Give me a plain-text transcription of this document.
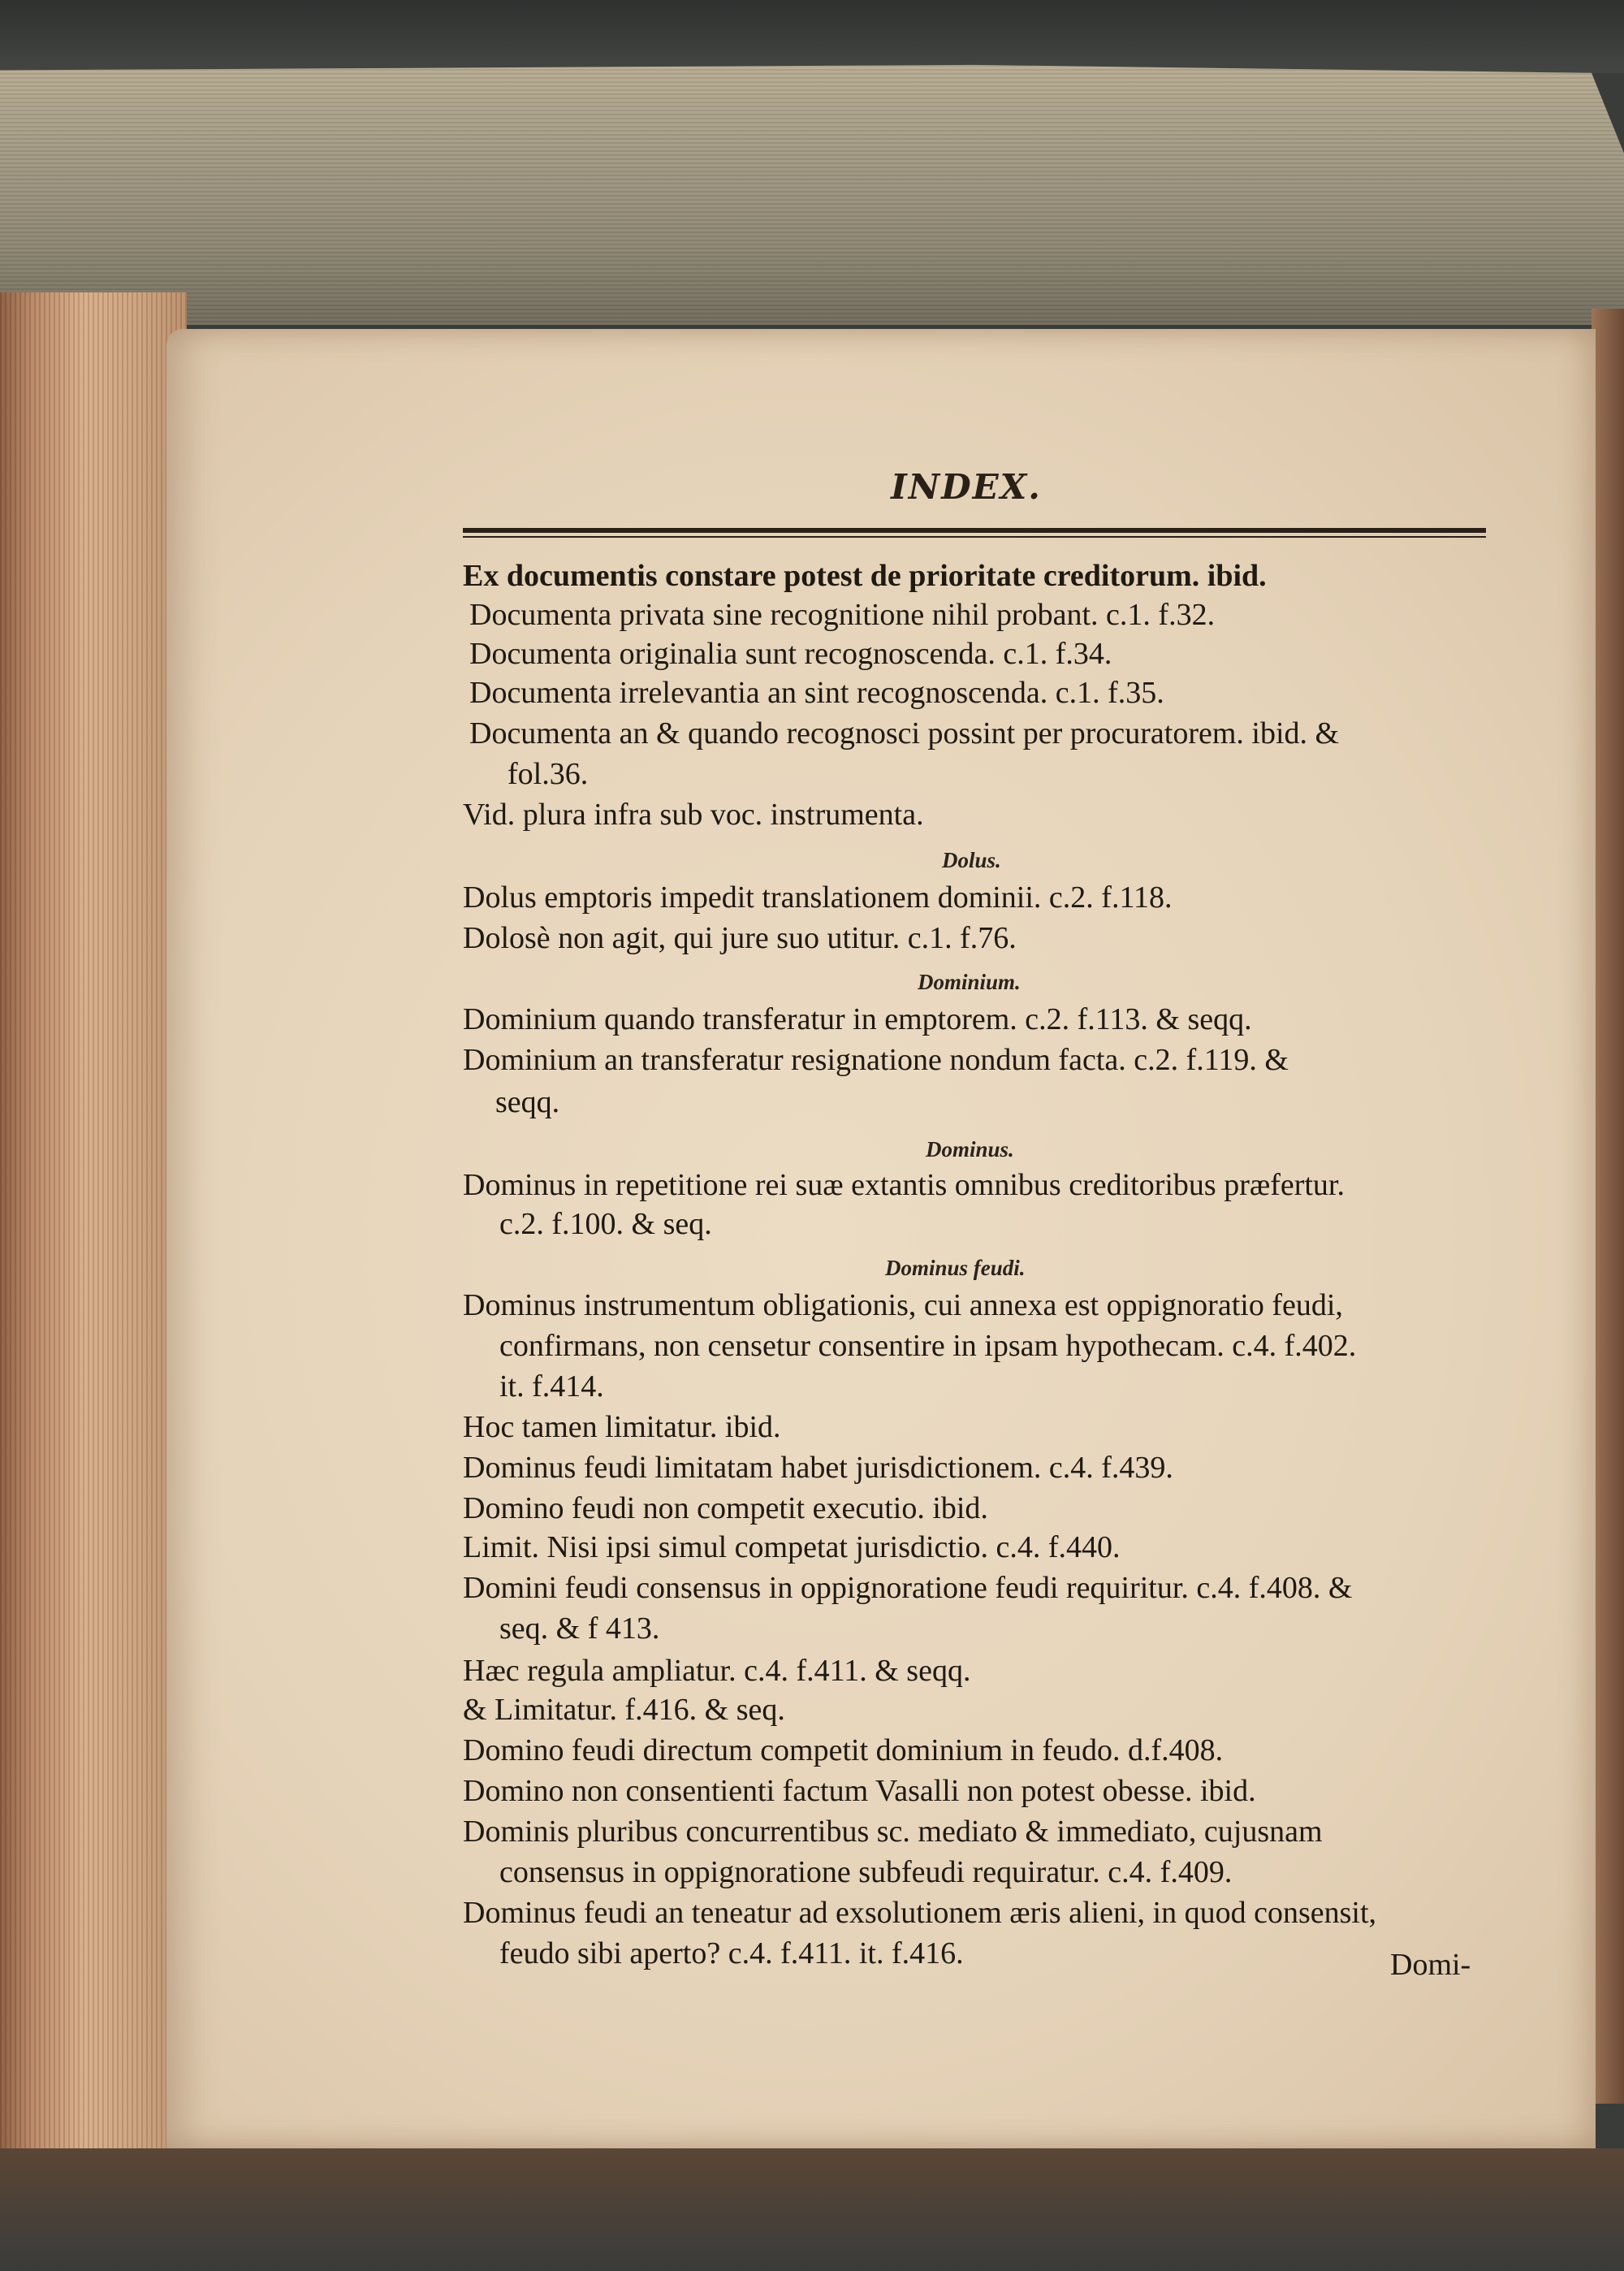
INDEX.
Ex documentis constare potest de prioritate creditorum. ibid.
Documenta privata sine recognitione nihil probant. c.1. f.32.
Documenta originalia sunt recognoscenda. c.1. f.34.
Documenta irrelevantia an sint recognoscenda. c.1. f.35.
Documenta an & quando recognosci possint per procuratorem. ibid. &
fol.36.
Vid. plura infra sub voc. instrumenta.
Dolus.
Dolus emptoris impedit translationem dominii. c.2. f.118.
Dolosè non agit, qui jure suo utitur. c.1. f.76.
Dominium.
Dominium quando transferatur in emptorem. c.2. f.113. & seqq.
Dominium an transferatur resignatione nondum facta. c.2. f.119. &
seqq.
Dominus.
Dominus in repetitione rei suæ extantis omnibus creditoribus præfertur.
c.2. f.100. & seq.
Dominus feudi.
Dominus instrumentum obligationis, cui annexa est oppignoratio feudi,
confirmans, non censetur consentire in ipsam hypothecam. c.4. f.402.
it. f.414.
Hoc tamen limitatur. ibid.
Dominus feudi limitatam habet jurisdictionem. c.4. f.439.
Domino feudi non competit executio. ibid.
Limit. Nisi ipsi simul competat jurisdictio. c.4. f.440.
Domini feudi consensus in oppignoratione feudi requiritur. c.4. f.408. &
seq. & f 413.
Hæc regula ampliatur. c.4. f.411. & seqq.
& Limitatur. f.416. & seq.
Domino feudi directum competit dominium in feudo. d.f.408.
Domino non consentienti factum Vasalli non potest obesse. ibid.
Dominis pluribus concurrentibus sc. mediato & immediato, cujusnam
consensus in oppignoratione subfeudi requiratur. c.4. f.409.
Dominus feudi an teneatur ad exsolutionem æris alieni, in quod consensit,
feudo sibi aperto? c.4. f.411. it. f.416.	Domi-
